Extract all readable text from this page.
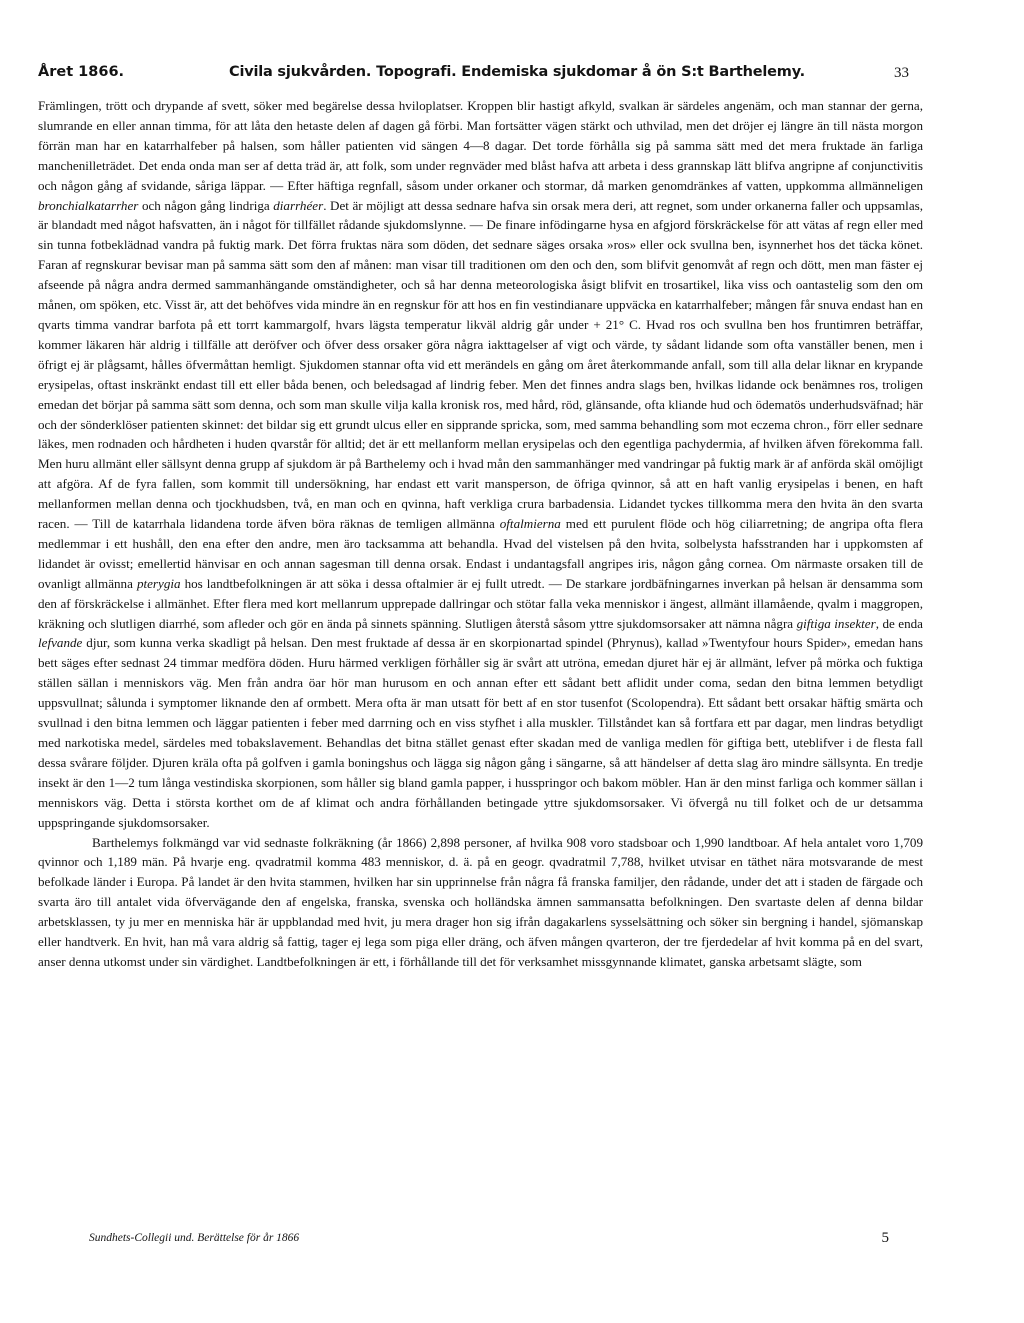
Året 1866.	Civila sjukvården. Topografi. Endemiska sjukdomar å ön S:t Barthelemy.	33

Främlingen, trött och drypande af svett, söker med begärelse dessa hviloplatser. Kroppen blir hastigt afkyld, svalkan är särdeles angenäm, och man stannar der gerna, slumrande en eller annan timma, för att låta den hetaste delen af dagen gå förbi. Man fortsätter vägen stärkt och uthvilad, men det dröjer ej längre än till nästa morgon förrän man har en katarrhalfeber på halsen, som håller patienten vid sängen 4—8 dagar. Det torde förhålla sig på samma sätt med det mera fruktade än farliga manchenilleträdet. Det enda onda man ser af detta träd är, att folk, som under regnväder med blåst hafva att arbeta i dess grannskap lätt blifva angripne af conjunctivitis och någon gång af svidande, såriga läppar. — Efter häftiga regnfall, såsom under orkaner och stormar, då marken genomdränkes af vatten, uppkomma allmänneligen bronchialkatarrher och någon gång lindriga diarrhéer. Det är möjligt att dessa sednare hafva sin orsak mera deri, att regnet, som under orkanerna faller och uppsamlas, är blandadt med något hafsvatten, än i något för tillfället rådande sjukdomslynne. — De finare infödingarne hysa en afgjord förskräckelse för att vätas af regn eller med sin tunna fotbeklädnad vandra på fuktig mark. Det förra fruktas nära som döden, det sednare säges orsaka »ros» eller ock svullna ben, isynnerhet hos det täcka könet. Faran af regnskurar bevisar man på samma sätt som den af månen: man visar till traditionen om den och den, som blifvit genomvåt af regn och dött, men man fäster ej afseende på några andra dermed sammanhängande omständigheter, och så har denna meteorologiska åsigt blifvit en trosartikel, lika viss och oantastelig som den om månen, om spöken, etc. Visst är, att det behöfves vida mindre än en regnskur för att hos en fin vestindianare uppväcka en katarrhalfeber; mången får snuva endast han en qvarts timma vandrar barfota på ett torrt kammargolf, hvars lägsta temperatur likväl aldrig går under + 21° C. Hvad ros och svullna ben hos fruntimren beträffar, kommer läkaren här aldrig i tillfälle att deröfver och öfver dess orsaker göra några iakttagelser af vigt och värde, ty sådant lidande som ofta vanställer benen, men i öfrigt ej är plågsamt, hålles öfvermåttan hemligt. Sjukdomen stannar ofta vid ett merändels en gång om året återkommande anfall, som till alla delar liknar en krypande erysipelas, oftast inskränkt endast till ett eller båda benen, och beledsagad af lindrig feber. Men det finnes andra slags ben, hvilkas lidande ock benämnes ros, troligen emedan det börjar på samma sätt som denna, och som man skulle vilja kalla kronisk ros, med hård, röd, glänsande, ofta kliande hud och ödematös underhudsväfnad; här och der sönderklöser patienten skinnet: det bildar sig ett grundt ulcus eller en sipprande spricka, som, med samma behandling som mot eczema chron., förr eller sednare läkes, men rodnaden och hårdheten i huden qvarstår för alltid; det är ett mellanform mellan erysipelas och den egentliga pachydermia, af hvilken äfven förekomma fall. Men huru allmänt eller sällsynt denna grupp af sjukdom är på Barthelemy och i hvad mån den sammanhänger med vandringar på fuktig mark är af anförda skäl omöjligt att afgöra. Af de fyra fallen, som kommit till undersökning, har endast ett varit mansperson, de öfriga qvinnor, så att en haft vanlig erysipelas i benen, en haft mellanformen mellan denna och tjockhudsben, två, en man och en qvinna, haft verkliga crura barbadensia. Lidandet tyckes tillkomma mera den hvita än den svarta racen. — Till de katarrhala lidandena torde äfven böra räknas de temligen allmänna oftalmierna med ett purulent flöde och hög ciliarretning; de angripa ofta flera medlemmar i ett hushåll, den ena efter den andre, men äro tacksamma att behandla. Hvad del vistelsen på den hvita, solbelysta hafsstranden har i uppkomsten af lidandet är ovisst; emellertid hänvisar en och annan sagesman till denna orsak. Endast i undantagsfall angripes iris, någon gång cornea. Om närmaste orsaken till de ovanligt allmänna pterygia hos landtbefolkningen är att söka i dessa oftalmier är ej fullt utredt. — De starkare jordbäfningarnes inverkan på helsan är densamma som den af förskräckelse i allmänhet. Efter flera med kort mellanrum upprepade dallringar och stötar falla veka menniskor i ängest, allmänt illamående, qvalm i maggropen, kräkning och slutligen diarrhé, som afleder och gör en ända på sinnets spänning. Slutligen återstå såsom yttre sjukdomsorsaker att nämna några giftiga insekter, de enda lefvande djur, som kunna verka skadligt på helsan. Den mest fruktade af dessa är en skorpionartad spindel (Phrynus), kallad »Twentyfour hours Spider», emedan hans bett säges efter sednast 24 timmar medföra döden. Huru härmed verkligen förhåller sig är svårt att utröna, emedan djuret här ej är allmänt, lefver på mörka och fuktiga ställen sällan i menniskors väg. Men från andra öar hör man hurusom en och annan efter ett sådant bett aflidit under coma, sedan den bitna lemmen betydligt uppsvullnat; sålunda i symptomer liknande den af ormbett. Mera ofta är man utsatt för bett af en stor tusenfot (Scolopendra). Ett sådant bett orsakar häftig smärta och svullnad i den bitna lemmen och läggar patienten i feber med darrning och en viss styfhet i alla muskler. Tillståndet kan så fortfara ett par dagar, men lindras betydligt med narkotiska medel, särdeles med tobakslavement. Behandlas det bitna stället genast efter skadan med de vanliga medlen för giftiga bett, uteblifver i de flesta fall dessa svårare följder. Djuren kräla ofta på golfven i gamla boningshus och lägga sig någon gång i sängarne, så att händelser af detta slag äro mindre sällsynta. En tredje insekt är den 1—2 tum långa vestindiska skorpionen, som håller sig bland gamla papper, i husspringor och bakom möbler. Han är den minst farliga och kommer sällan i menniskors väg. Detta i största korthet om de af klimat och andra förhållanden betingade yttre sjukdomsorsaker. Vi öfvergå nu till folket och de ur detsamma uppspringande sjukdomsorsaker.

Barthelemys folkmängd var vid sednaste folkräkning (år 1866) 2,898 personer, af hvilka 908 voro stadsboar och 1,990 landtboar. Af hela antalet voro 1,709 qvinnor och 1,189 män. På hvarje eng. qvadratmil komma 483 menniskor, d. ä. på en geogr. qvadratmil 7,788, hvilket utvisar en täthet nära motsvarande de mest befolkade länder i Europa. På landet är den hvita stammen, hvilken har sin upprinnelse från några få franska familjer, den rådande, under det att i staden de färgade och svarta äro till antalet vida öfvervägande den af engelska, franska, svenska och holländska ämnen sammansatta befolkningen. Den svartaste delen af denna bildar arbetsklassen, ty ju mer en menniska här är uppblandad med hvit, ju mera drager hon sig ifrån dagakarlens sysselsättning och söker sin bergning i handel, sjömanskap eller handtverk. En hvit, han må vara aldrig så fattig, tager ej lega som piga eller dräng, och äfven mången qvarteron, der tre fjerdedelar af hvit komma på en del svart, anser denna utkomst under sin värdighet. Landtbefolkningen är ett, i förhållande till det för verksamhet missgynnande klimatet, ganska arbetsamt slägte, som

Sundhets-Collegii und. Berättelse för år 1866	5
